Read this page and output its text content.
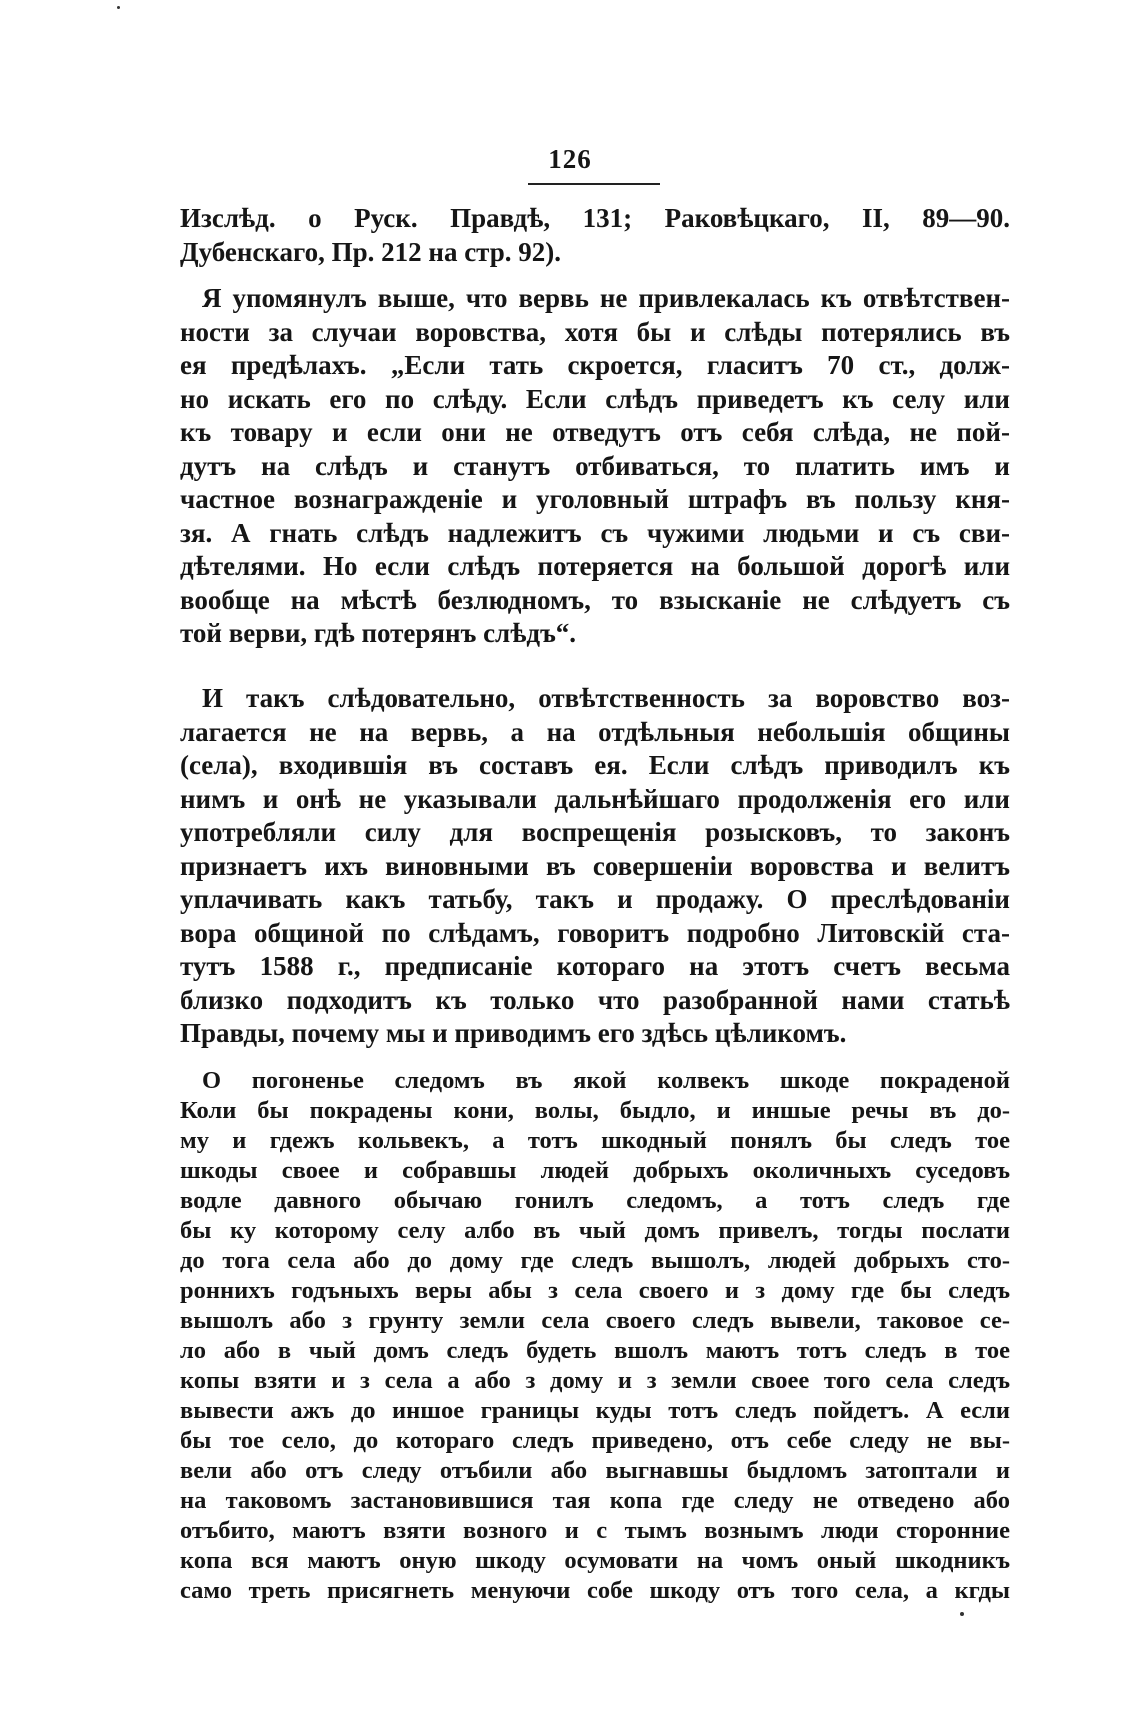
126

Изслѣд. о Руск. Правдѣ, 131; Раковѣцкаго, II, 89—90.
Дубенскаго, Пр. 212 на стр. 92).

Я упомянулъ выше, что вервь не привлекалась къ отвѣтствен-
ности за случаи воровства, хотя бы и слѣды потерялись въ
ея предѣлахъ. „Если тать скроется, гласитъ 70 ст., долж-
но искать его по слѣду. Если слѣдъ приведетъ къ селу или
къ товару и если они не отведутъ отъ себя слѣда, не пой-
дутъ на слѣдъ и станутъ отбиваться, то платить имъ и
частное вознагражденіе и уголовный штрафъ въ пользу кня-
зя. А гнать слѣдъ надлежитъ съ чужими людьми и съ сви-
дѣтелями. Но если слѣдъ потеряется на большой дорогѣ или
вообще на мѣстѣ безлюдномъ, то взысканіе не слѣдуетъ съ
той верви, гдѣ потерянъ слѣдъ“.

И такъ слѣдовательно, отвѣтственность за воровство воз-
лагается не на вервь, а на отдѣльныя небольшія общины
(села), входившія въ составъ ея. Если слѣдъ приводилъ къ
нимъ и онѣ не указывали дальнѣйшаго продолженія его или
употребляли силу для воспрещенія розысковъ, то законъ
признаетъ ихъ виновными въ совершеніи воровства и велитъ
уплачивать какъ татьбу, такъ и продажу. О преслѣдованіи
вора общиной по слѣдамъ, говоритъ подробно Литовскій ста-
тутъ 1588 г., предписаніе котораго на этотъ счетъ весьма
близко подходитъ къ только что разобранной нами статьѣ
Правды, почему мы и приводимъ его здѣсь цѣликомъ.

О погоненье следомъ въ якой колвекъ шкоде покраденой
Коли бы покрадены кони, волы, быдло, и иншые речы въ до-
му и гдежъ кольвекъ, а тотъ шкодный понялъ бы следъ тое
шкоды своее и собравшы людей добрыхъ околичныхъ суседовъ
водле давного обычаю гонилъ следомъ, а тотъ следъ где
бы ку которому селу албо въ чый домъ привелъ, тогды послати
до тога села або до дому где следъ вышолъ, людей добрыхъ сто-
ронниxъ годъныхъ веры абы з села своего и з дому где бы следъ
вышолъ або з грунту земли села своего следъ вывели, таковое се-
ло або в чый домъ следъ будеть вшолъ маютъ тотъ следъ в тое
копы взяти и з села а або з дому и з земли своее того села следъ
вывести ажъ до иншое границы куды тотъ следъ пойдетъ. А если
бы тое село, до котораго следъ приведено, отъ себе следу не вы-
вели або отъ следу отъбили або выгнавшы быдломъ затоптали и
на таковомъ застановившися тая копа где следу не отведено або
отъбито, маютъ взяти возного и с тымъ вознымъ люди сторонние
копа вся маютъ оную шкоду осумовати на чомъ оный шкодникъ
само треть присягнеть менуючи собе шкоду отъ того села, а кгды
